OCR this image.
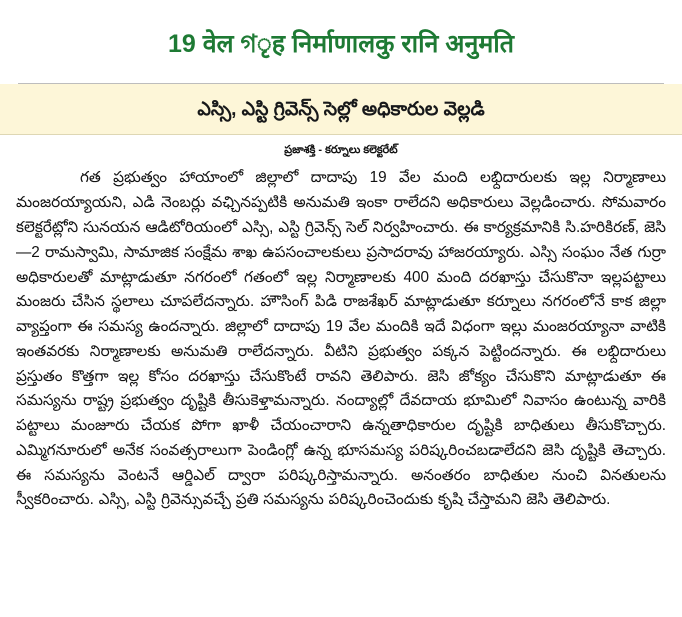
19 वेल গृह निर्माणालकु रानि अनुमति
ఎస్సి, ఎస్టి గ్రివెన్స్ సెల్లో అధికారుల వెల్లడి
ప్రజాశక్తి - కర్నూలు కలెక్టరేట్
గత ప్రభుత్వం హాయాంలో జిల్లాలో దాదాపు 19 వేల మంది లభ్దిదారులకు ఇల్ల నిర్మాణాలు మంజరయ్యాయని, ఎడి నెంబర్లు వఛ్చినప్పటికి అనుమతి ఇంకా రాలేదని అధికారులు వెల్లడించారు. సోమవారం కలెక్టరేట్లోని సునయన ఆడిటోరియంలో ఎస్సి, ఎస్టి గ్రివెన్స్ సెల్ నిర్వహించారు. ఈ కార్యక్రమానికి సి.హరికిరణ్, జెసి—2 రామస్వామి, సామాజిక సంక్షేమ శాఖ ఉపసంచాలకులు ప్రసాదరావు హాజరయ్యారు. ఎస్సి సంఘం నేత గుర్రా అధికారులతో మాట్లాడుతూ నగరంలో గతంలో ఇల్ల నిర్మాణాలకు 400 మంది దరఖాస్తు చేసుకొనా ఇల్లపట్టాలు మంజరు చేసిన స్థలాలు చూపలేదన్నారు. హౌసింగ్ పిడి రాజశేఖర్ మాట్లాడుతూ కర్నూలు నగరంలోనే కాక జిల్లా వ్యాప్తంగా ఈ సమస్య ఉందన్నారు. జిల్లాలో దాదాపు 19 వేల మందికి ఇదే విధంగా ఇల్లు మంజరయ్యానా వాటికి ఇంతవరకు నిర్మాణాలకు అనుమతి రాలేదన్నారు. వీటిని ప్రభుత్వం పక్కన పెట్టిందన్నారు. ఈ లభ్దిదారులు ప్రస్తుతం కొత్తగా ఇల్ల కోసం దరఖాస్తు చేసుకొంటే రావని తెలిపారు. జెసి జోక్యం చేసుకొని మాట్లాడుతూ ఈ సమస్యను రాష్ట్ర ప్రభుత్వం దృష్టికి తీసుకెళ్తామన్నారు. నంద్యాల్లో దేవదాయ భూమిలో నివాసం ఉంటున్న వారికి పట్టాలు మంజూరు చేయక పోగా ఖాళీ చేయంచారాని ఉన్నతాధికారుల దృష్టికి బాధితులు తీసుకొచ్చారు. ఎమ్మిగనూరులో అనేక సంవత్సరాలుగా పెండింగ్లో ఉన్న భూసమస్య పరిష్కరించబడాలేదని జెసి దృష్టికి తెచ్చారు. ఈ సమస్యను వెంటనే ఆర్డిఎల్ ద్వారా పరిష్కరిస్తామన్నారు. అనంతరం బాధితుల నుంచి వినతులను స్వీకరించారు. ఎస్సి, ఎస్టి గ్రివెన్సువచ్చే ప్రతి సమస్యను పరిష్కరించెందుకు కృషి చేస్తామని జెసి తెలిపారు.
